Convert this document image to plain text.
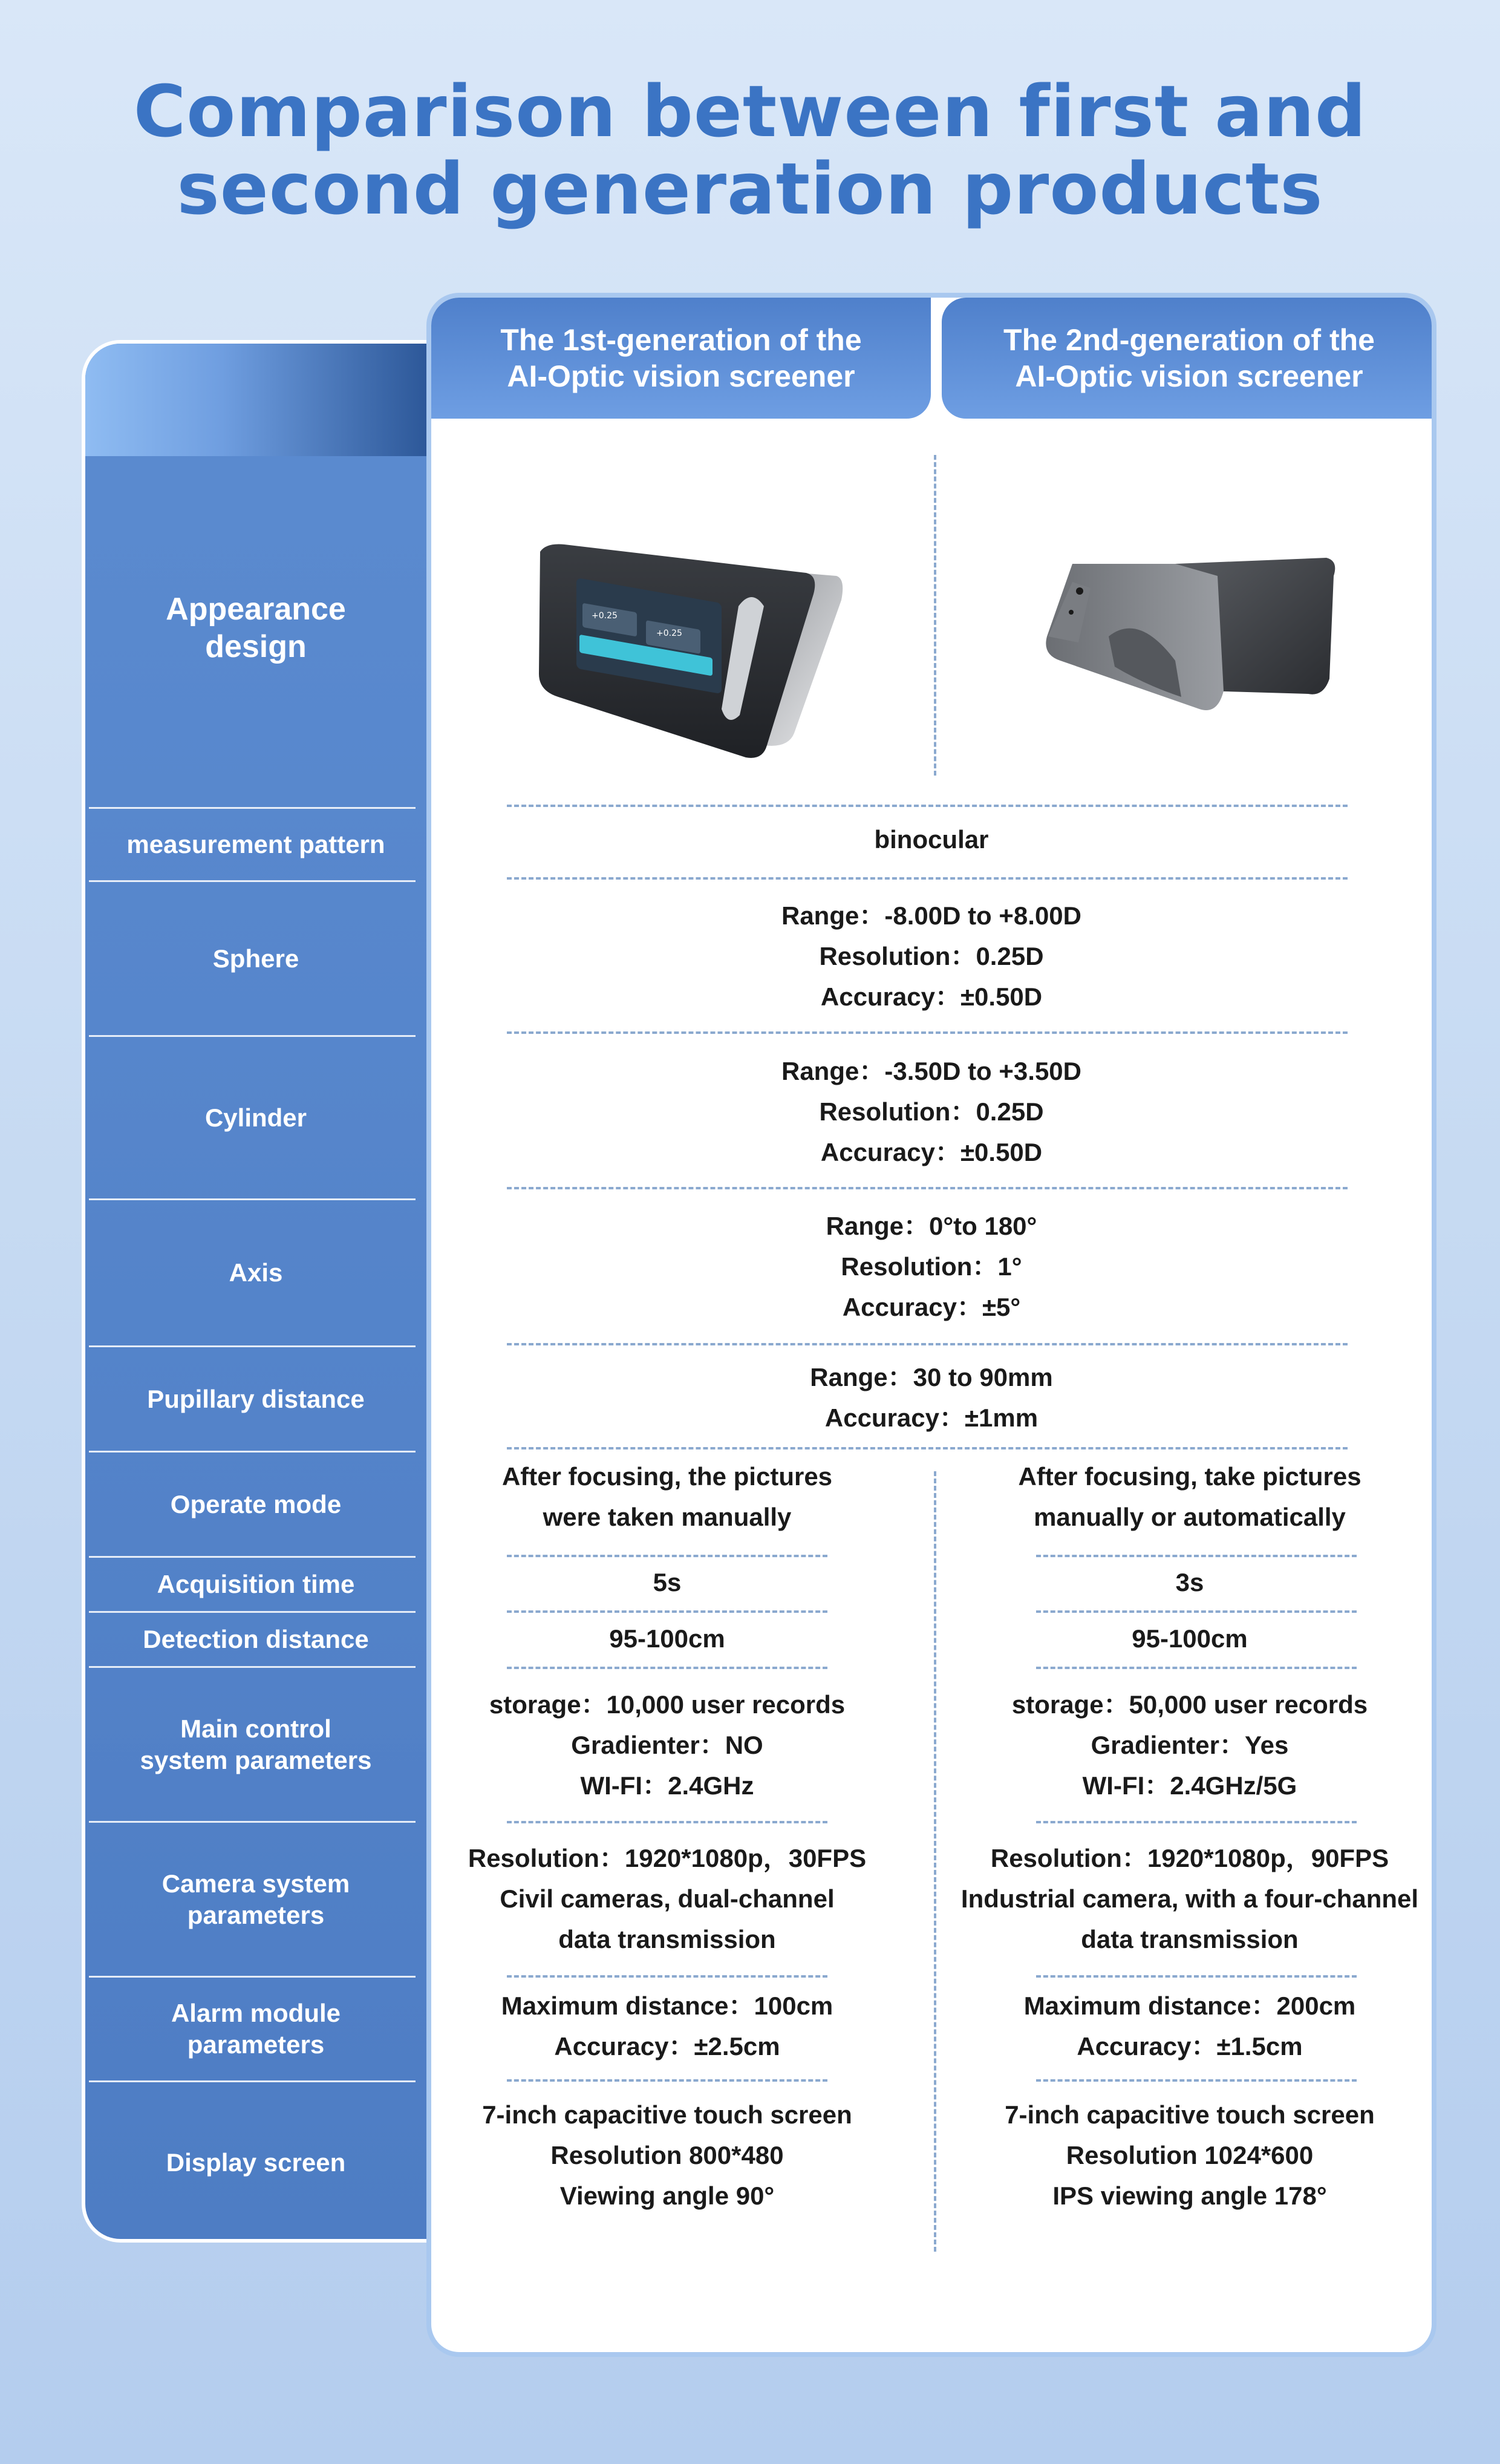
Comparison between first and
second generation products
Appearance design
measurement pattern
Sphere
Cylinder
Axis
Pupillary distance
Operate mode
Acquisition time
Detection distance
Main control system parameters
Camera system parameters
Alarm module parameters
Display screen
The 1st-generation of the AI-Optic vision screener
The 2nd-generation of the AI-Optic vision screener
+0.25
+0.25
binocular
Range：-8.00D to +8.00D
Resolution：0.25D
Accuracy：±0.50D
Range：-3.50D to +3.50D
Resolution：0.25D
Accuracy：±0.50D
Range：0°to 180°
Resolution：1°
Accuracy：±5°
Range：30 to 90mm
Accuracy：±1mm
After focusing, the pictures
were taken manually
5s
95-100cm
storage：10,000 user records
Gradienter：NO
WI-FI：2.4GHz
Resolution：1920*1080p，30FPS
Civil cameras, dual-channel
data transmission
Maximum distance：100cm
Accuracy：±2.5cm
7-inch capacitive touch screen
Resolution 800*480
Viewing angle 90°
After focusing, take pictures
manually or automatically
3s
95-100cm
storage：50,000 user records
Gradienter：Yes
WI-FI：2.4GHz/5G
Resolution：1920*1080p，90FPS
Industrial camera, with a four-channel
data transmission
Maximum distance：200cm
Accuracy：±1.5cm
7-inch capacitive touch screen
Resolution 1024*600
IPS viewing angle 178°
